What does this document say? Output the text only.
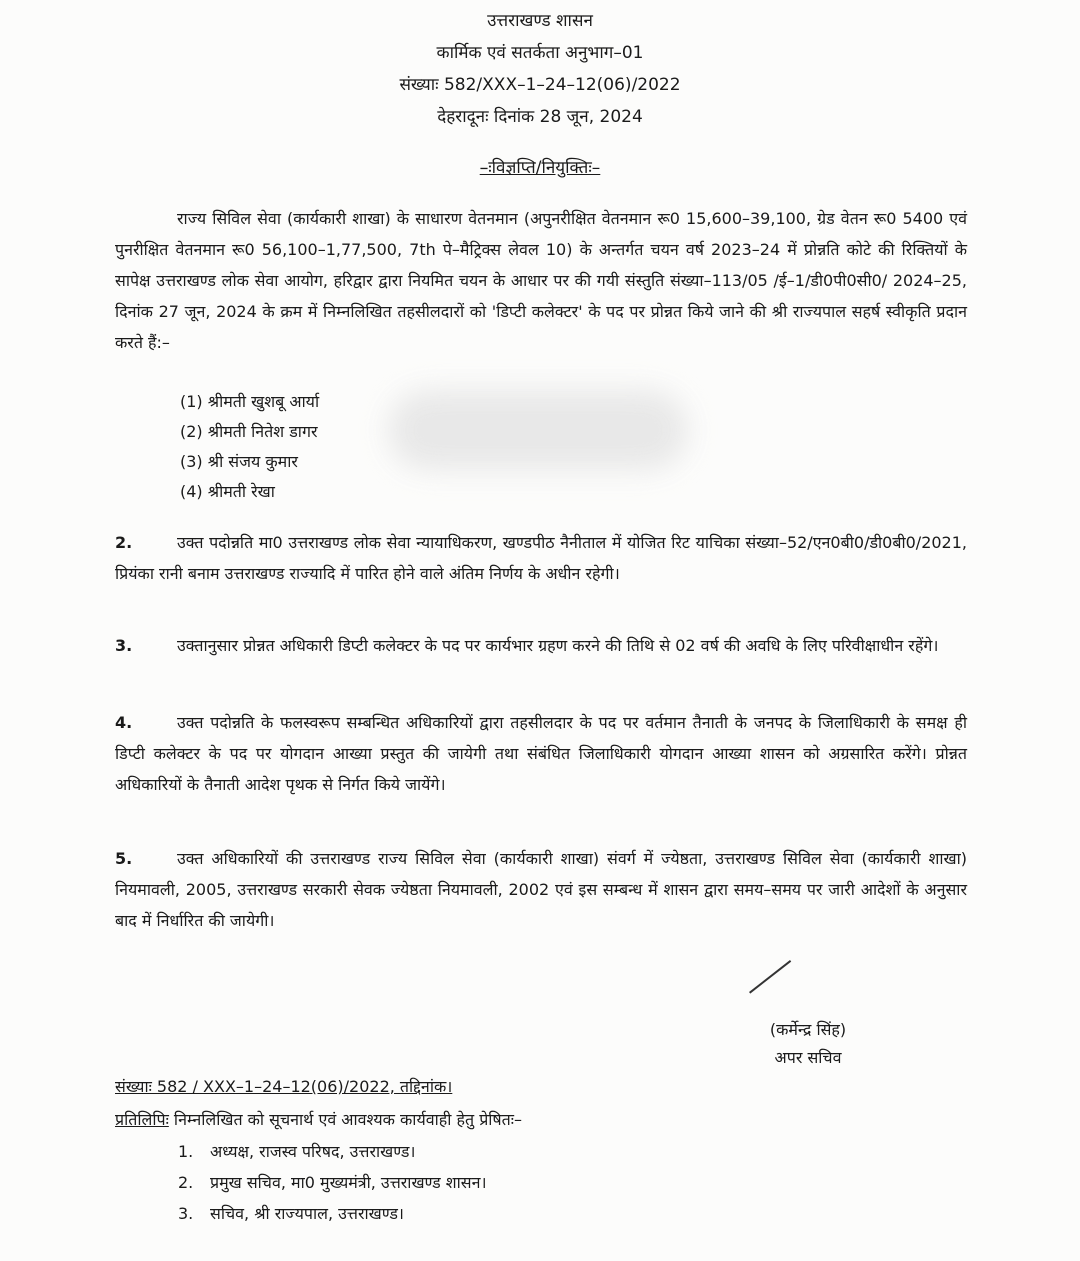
उत्तराखण्ड शासन
कार्मिक एवं सतर्कता अनुभाग–01
संख्याः 582/XXX–1–24–12(06)/2022
देहरादूनः दिनांक 28 जून, 2024
–ःविज्ञप्ति/नियुक्तिः–
राज्य सिविल सेवा (कार्यकारी शाखा) के साधारण वेतनमान (अपुनरीक्षित वेतनमान रू0 15,600–39,100, ग्रेड वेतन रू0 5400 एवं पुनरीक्षित वेतनमान रू0 56,100–1,77,500, 7th पे–मैट्रिक्स लेवल 10) के अन्तर्गत चयन वर्ष 2023–24 में प्रोन्नति कोटे की रिक्तियों के सापेक्ष उत्तराखण्ड लोक सेवा आयोग, हरिद्वार द्वारा नियमित चयन के आधार पर की गयी संस्तुति संख्या–113/05 /ई–1/डी0पी0सी0/ 2024–25, दिनांक 27 जून, 2024 के क्रम में निम्नलिखित तहसीलदारों को 'डिप्टी कलेक्टर' के पद पर प्रोन्नत किये जाने की श्री राज्यपाल सहर्ष स्वीकृति प्रदान करते हैं:–
(1) श्रीमती खुशबू आर्या
(2) श्रीमती नितेश डागर
(3) श्री संजय कुमार
(4) श्रीमती रेखा
2.	उक्त पदोन्नति मा0 उत्तराखण्ड लोक सेवा न्यायाधिकरण, खण्डपीठ नैनीताल में योजित रिट याचिका संख्या–52/एन0बी0/डी0बी0/2021, प्रियंका रानी बनाम उत्तराखण्ड राज्यादि में पारित होने वाले अंतिम निर्णय के अधीन रहेगी।
3.	उक्तानुसार प्रोन्नत अधिकारी डिप्टी कलेक्टर के पद पर कार्यभार ग्रहण करने की तिथि से 02 वर्ष की अवधि के लिए परिवीक्षाधीन रहेंगे।
4.	उक्त पदोन्नति के फलस्वरूप सम्बन्धित अधिकारियों द्वारा तहसीलदार के पद पर वर्तमान तैनाती के जनपद के जिलाधिकारी के समक्ष ही डिप्टी कलेक्टर के पद पर योगदान आख्या प्रस्तुत की जायेगी तथा संबंधित जिलाधिकारी योगदान आख्या शासन को अग्रसारित करेंगे। प्रोन्नत अधिकारियों के तैनाती आदेश पृथक से निर्गत किये जायेंगे।
5.	उक्त अधिकारियों की उत्तराखण्ड राज्य सिविल सेवा (कार्यकारी शाखा) संवर्ग में ज्येष्ठता, उत्तराखण्ड सिविल सेवा (कार्यकारी शाखा) नियमावली, 2005, उत्तराखण्ड सरकारी सेवक ज्येष्ठता नियमावली, 2002 एवं इस सम्बन्ध में शासन द्वारा समय–समय पर जारी आदेशों के अनुसार बाद में निर्धारित की जायेगी।
(कर्मेन्द्र सिंह)
अपर सचिव
संख्याः 582 / XXX–1–24–12(06)/2022, तद्दिनांक।
प्रतिलिपिः निम्नलिखित को सूचनार्थ एवं आवश्यक कार्यवाही हेतु प्रेषितः–
1. अध्यक्ष, राजस्व परिषद, उत्तराखण्ड।
2. प्रमुख सचिव, मा0 मुख्यमंत्री, उत्तराखण्ड शासन।
3. सचिव, श्री राज्यपाल, उत्तराखण्ड।
